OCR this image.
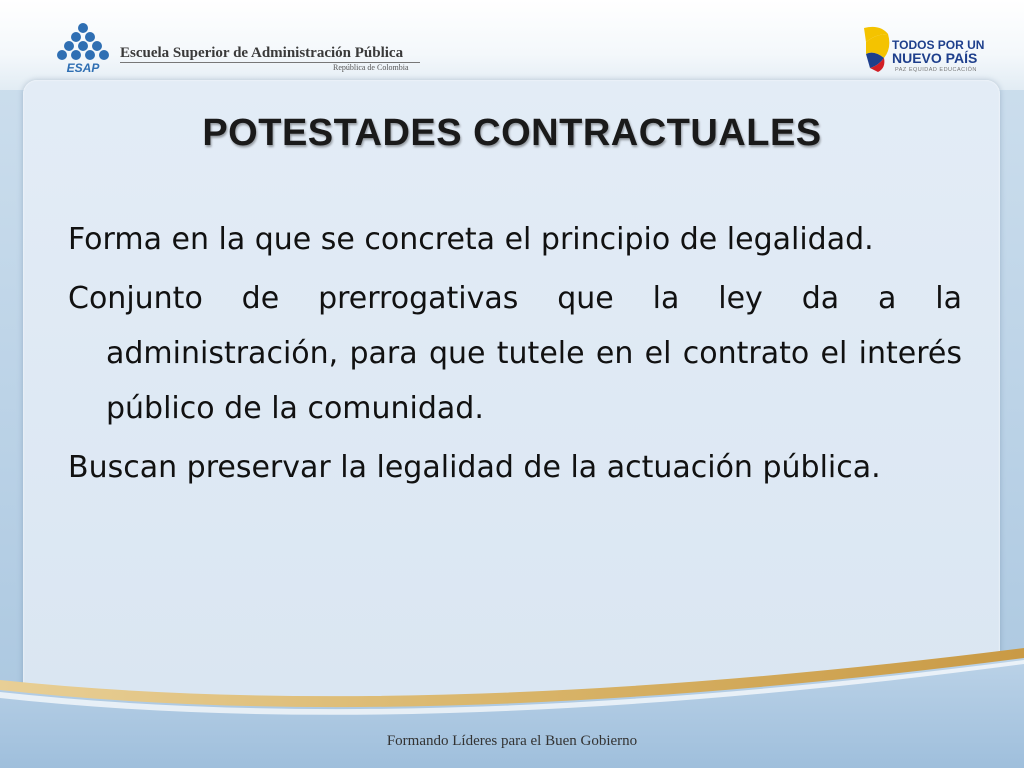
ESAP
Escuela Superior de Administración Pública
República de Colombia
TODOS POR UN
NUEVO PAÍS
PAZ EQUIDAD EDUCACIÓN
POTESTADES CONTRACTUALES

Forma en la que se concreta el principio de legalidad.

Conjunto de prerrogativas que la ley da a la administración, para que tutele en el contrato el interés público de la comunidad.

Buscan preservar la legalidad de la actuación pública.

Formando Líderes para el Buen Gobierno
